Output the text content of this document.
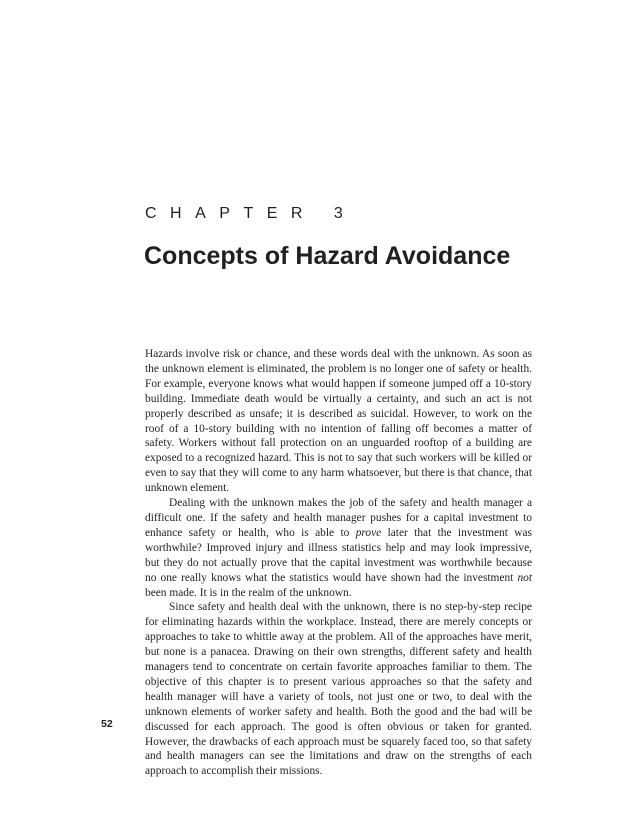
CHAPTER 3
Concepts of Hazard Avoidance

Hazards involve risk or chance, and these words deal with the unknown. As soon as the unknown element is eliminated, the problem is no longer one of safety or health. For example, everyone knows what would happen if someone jumped off a 10-story building. Immediate death would be virtually a certainty, and such an act is not properly described as unsafe; it is described as suicidal. However, to work on the roof of a 10-story building with no intention of falling off becomes a matter of safety. Workers without fall protection on an unguarded rooftop of a building are exposed to a recognized hazard. This is not to say that such workers will be killed or even to say that they will come to any harm whatsoever, but there is that chance, that unknown element.

Dealing with the unknown makes the job of the safety and health manager a difficult one. If the safety and health manager pushes for a capital investment to enhance safety or health, who is able to prove later that the investment was worthwhile? Improved injury and illness statistics help and may look impressive, but they do not actually prove that the capital investment was worthwhile because no one really knows what the statistics would have shown had the investment not been made. It is in the realm of the unknown.

Since safety and health deal with the unknown, there is no step-by-step recipe for eliminating hazards within the workplace. Instead, there are merely concepts or approaches to take to whittle away at the problem. All of the approaches have merit, but none is a panacea. Drawing on their own strengths, different safety and health managers tend to concentrate on certain favorite approaches familiar to them. The objective of this chapter is to present various approaches so that the safety and health manager will have a variety of tools, not just one or two, to deal with the unknown elements of worker safety and health. Both the good and the bad will be discussed for each approach. The good is often obvious or taken for granted. However, the drawbacks of each approach must be squarely faced too, so that safety and health managers can see the limitations and draw on the strengths of each approach to accomplish their missions.

52
